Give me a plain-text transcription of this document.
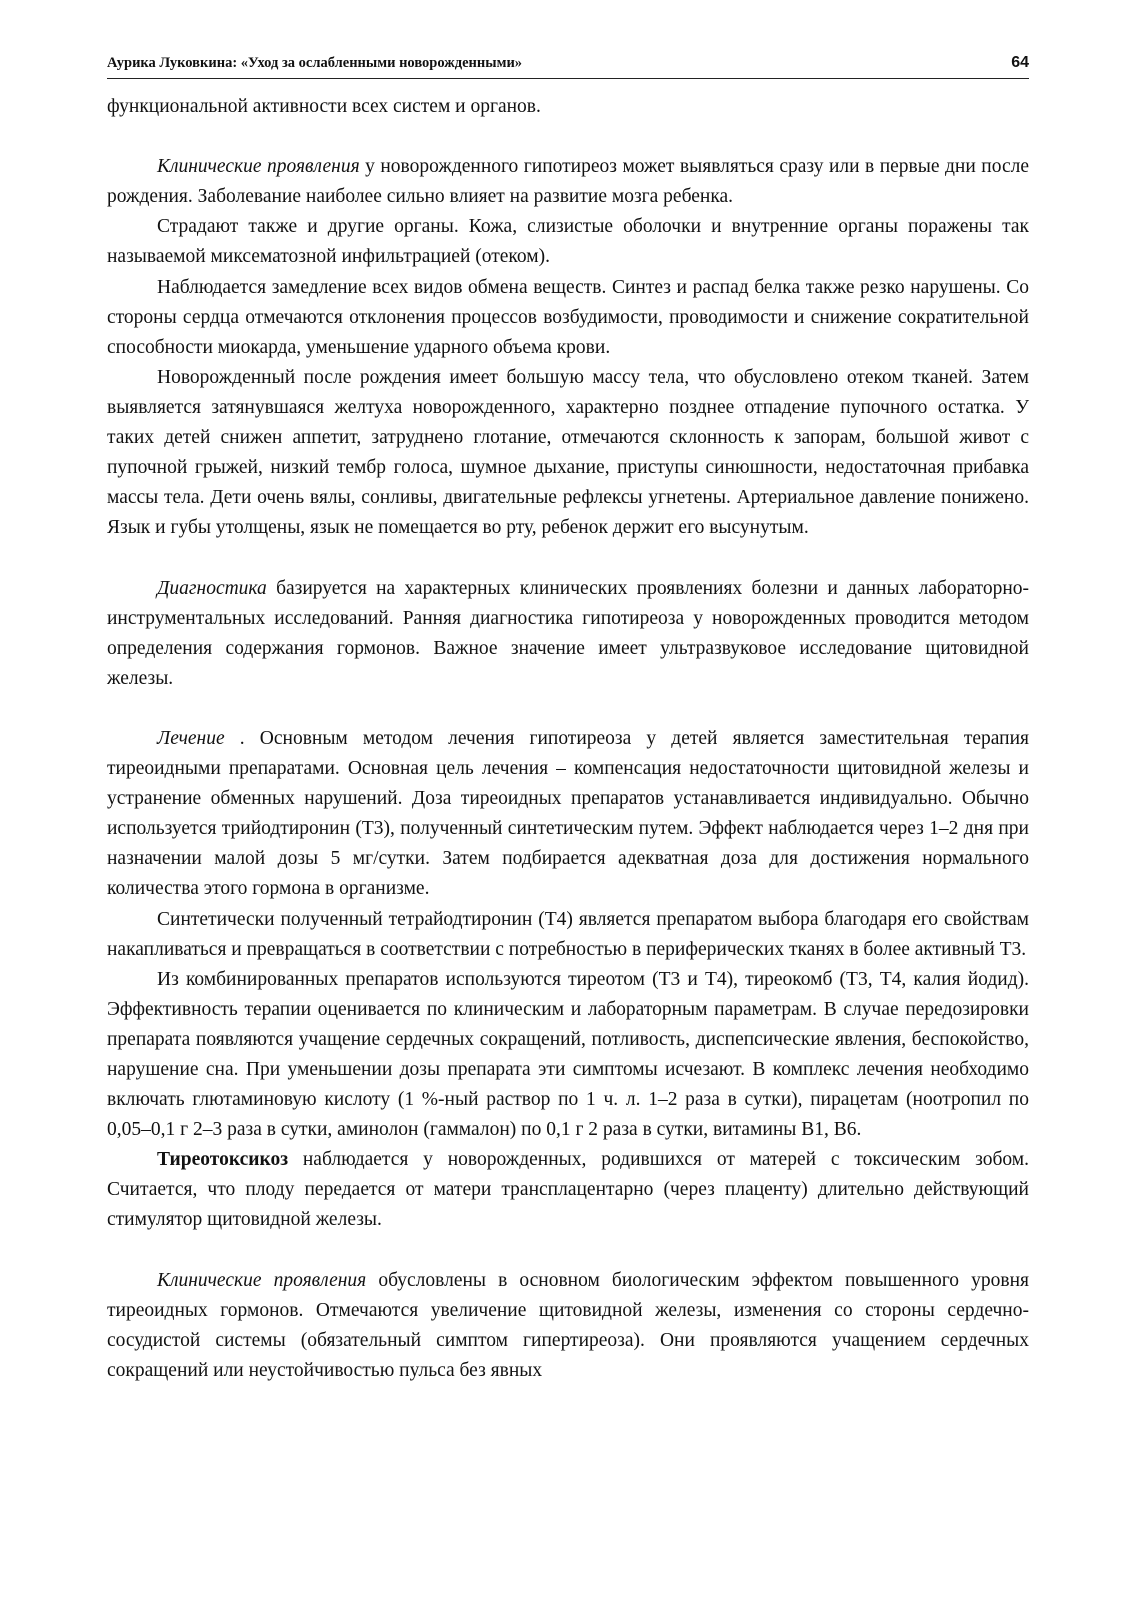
Аурика Луковкина: «Уход за ослабленными новорожденными»	64

функциональной активности всех систем и органов.

Клинические проявления у новорожденного гипотиреоз может выявляться сразу или в первые дни после рождения. Заболевание наиболее сильно влияет на развитие мозга ребенка.

Страдают также и другие органы. Кожа, слизистые оболочки и внутренние органы поражены так называемой миксематозной инфильтрацией (отеком).

Наблюдается замедление всех видов обмена веществ. Синтез и распад белка также резко нарушены. Со стороны сердца отмечаются отклонения процессов возбудимости, проводимости и снижение сократительной способности миокарда, уменьшение ударного объема крови.

Новорожденный после рождения имеет большую массу тела, что обусловлено отеком тканей. Затем выявляется затянувшаяся желтуха новорожденного, характерно позднее отпадение пупочного остатка. У таких детей снижен аппетит, затруднено глотание, отмечаются склонность к запорам, большой живот с пупочной грыжей, низкий тембр голоса, шумное дыхание, приступы синюшности, недостаточная прибавка массы тела. Дети очень вялы, сонливы, двигательные рефлексы угнетены. Артериальное давление понижено. Язык и губы утолщены, язык не помещается во рту, ребенок держит его высунутым.

Диагностика базируется на характерных клинических проявлениях болезни и данных лабораторно-инструментальных исследований. Ранняя диагностика гипотиреоза у новорожденных проводится методом определения содержания гормонов. Важное значение имеет ультразвуковое исследование щитовидной железы.

Лечение . Основным методом лечения гипотиреоза у детей является заместительная терапия тиреоидными препаратами. Основная цель лечения – компенсация недостаточности щитовидной железы и устранение обменных нарушений. Доза тиреоидных препаратов устанавливается индивидуально. Обычно используется трийодтиронин (Т3), полученный синтетическим путем. Эффект наблюдается через 1–2 дня при назначении малой дозы 5 мг/сутки. Затем подбирается адекватная доза для достижения нормального количества этого гормона в организме.

Синтетически полученный тетрайодтиронин (Т4) является препаратом выбора благодаря его свойствам накапливаться и превращаться в соответствии с потребностью в периферических тканях в более активный Т3.

Из комбинированных препаратов используются тиреотом (Т3 и Т4), тиреокомб (Т3, Т4, калия йодид). Эффективность терапии оценивается по клиническим и лабораторным параметрам. В случае передозировки препарата появляются учащение сердечных сокращений, потливость, диспепсические явления, беспокойство, нарушение сна. При уменьшении дозы препарата эти симптомы исчезают. В комплекс лечения необходимо включать глютаминовую кислоту (1 %-ный раствор по 1 ч. л. 1–2 раза в сутки), пирацетам (ноотропил по 0,05–0,1 г 2–3 раза в сутки, аминолон (гаммалон) по 0,1 г 2 раза в сутки, витамины B1, B6.

Тиреотоксикоз наблюдается у новорожденных, родившихся от матерей с токсическим зобом. Считается, что плоду передается от матери трансплацентарно (через плаценту) длительно действующий стимулятор щитовидной железы.

Клинические проявления обусловлены в основном биологическим эффектом повышенного уровня тиреоидных гормонов. Отмечаются увеличение щитовидной железы, изменения со стороны сердечно-сосудистой системы (обязательный симптом гипертиреоза). Они проявляются учащением сердечных сокращений или неустойчивостью пульса без явных
